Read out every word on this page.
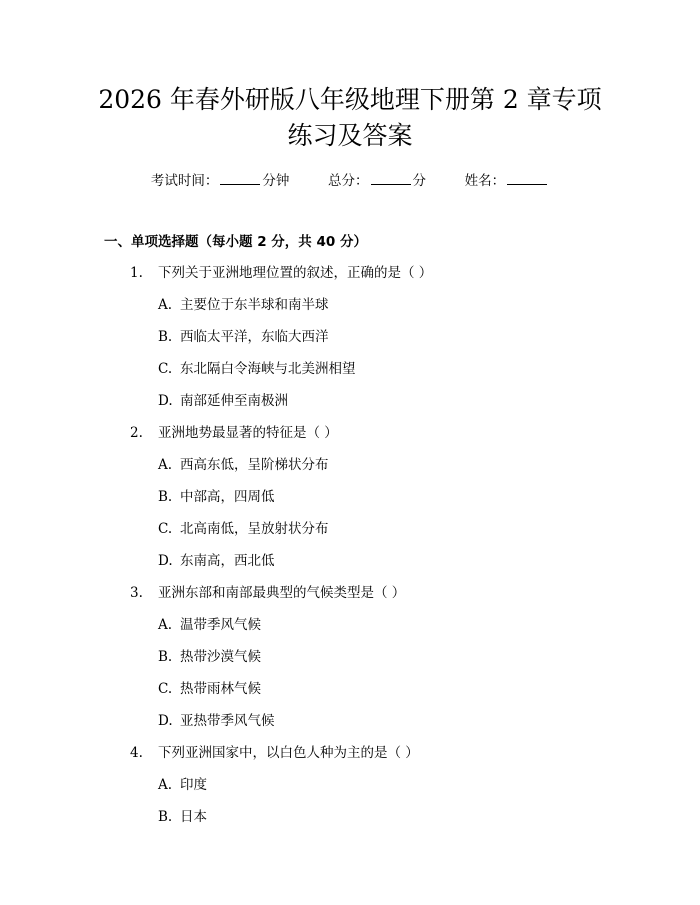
2026 年春外研版八年级地理下册第 2 章专项
练习及答案
考试时间：	分钟	总分：	分	姓名：
一、单项选择题（每小题 2 分，共 40 分）
1. 下列关于亚洲地理位置的叙述，正确的是（ ）
A. 主要位于东半球和南半球
B. 西临太平洋，东临大西洋
C. 东北隔白令海峡与北美洲相望
D. 南部延伸至南极洲
2. 亚洲地势最显著的特征是（ ）
A. 西高东低，呈阶梯状分布
B. 中部高，四周低
C. 北高南低，呈放射状分布
D. 东南高，西北低
3. 亚洲东部和南部最典型的气候类型是（ ）
A. 温带季风气候
B. 热带沙漠气候
C. 热带雨林气候
D. 亚热带季风气候
4. 下列亚洲国家中，以白色人种为主的是（ ）
A. 印度
B. 日本
